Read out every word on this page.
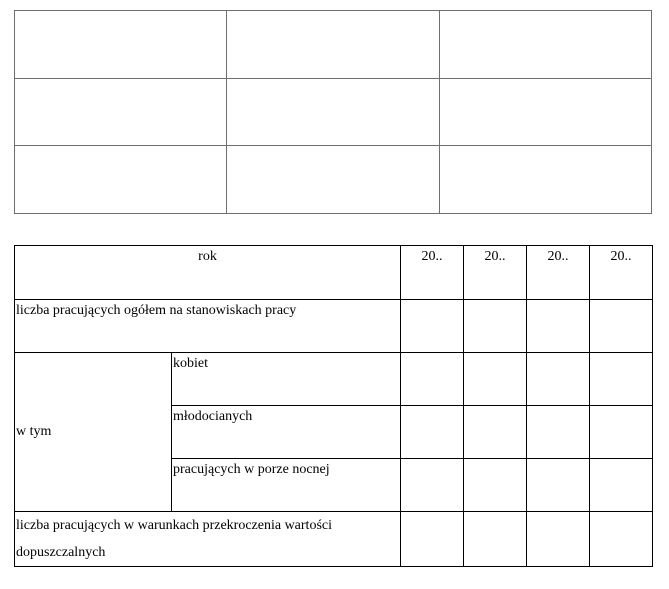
rok		20..	20..	20..	20..
liczba pracujących ogółem na stanowiskach pracy					
w tym	kobiet				
	młodocianych				
	pracujących w porze nocnej				
liczba pracujących w warunkach przekroczenia wartości
dopuszczalnych					
